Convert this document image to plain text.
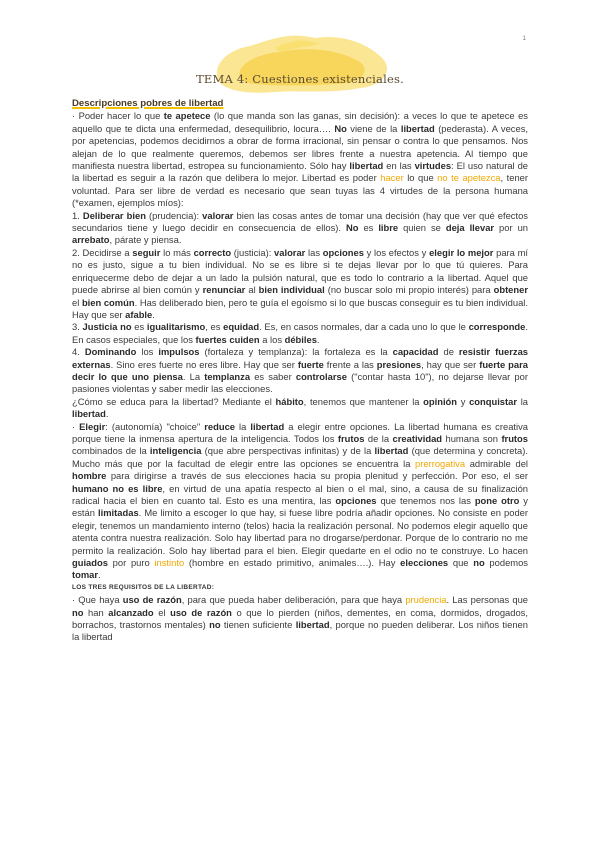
1
TEMA 4: Cuestiones existenciales.

Descripciones pobres de libertad

· Poder hacer lo que te apetece (lo que manda son las ganas, sin decisión): a veces lo que te apetece es aquello que te dicta una enfermedad, desequilibrio, locura…. No viene de la libertad (pederasta). A veces, por apetencias, podemos decidirnos a obrar de forma irracional, sin pensar o contra lo que pensamos. Nos alejan de lo que realmente queremos, debemos ser libres frente a nuestra apetencia. Al tiempo que manifiesta nuestra libertad, estropea su funcionamiento. Sólo hay libertad en las virtudes: El uso natural de la libertad es seguir a la razón que delibera lo mejor. Libertad es poder hacer lo que no te apetezca, tener voluntad. Para ser libre de verdad es necesario que sean tuyas las 4 virtudes de la persona humana (*examen, ejemplos míos):

1. Deliberar bien (prudencia): valorar bien las cosas antes de tomar una decisión (hay que ver qué efectos secundarios tiene y luego decidir en consecuencia de ellos). No es libre quien se deja llevar por un arrebato, párate y piensa.

2. Decidirse a seguir lo más correcto (justicia): valorar las opciones y los efectos y elegir lo mejor para mí no es justo, sigue a tu bien individual. No se es libre si te dejas llevar por lo que tú quieres. Para enriquecerme debo de dejar a un lado la pulsión natural, que es todo lo contrario a la libertad. Aquel que puede abrirse al bien común y renunciar al bien individual (no buscar solo mi propio interés) para obtener el bien común. Has deliberado bien, pero te guía el egoísmo si lo que buscas conseguir es tu bien individual. Hay que ser afable.

3. Justicia no es igualitarismo, es equidad. Es, en casos normales, dar a cada uno lo que le corresponde. En casos especiales, que los fuertes cuiden a los débiles.

4. Dominando los impulsos (fortaleza y templanza): la fortaleza es la capacidad de resistir fuerzas externas. Sino eres fuerte no eres libre. Hay que ser fuerte frente a las presiones, hay que ser fuerte para decir lo que uno piensa. La templanza es saber controlarse ("contar hasta 10"), no dejarse llevar por pasiones violentas y saber medir las elecciones.

¿Cómo se educa para la libertad? Mediante el hábito, tenemos que mantener la opinión y conquistar la libertad.

· Elegir: (autonomía) "choice" reduce la libertad a elegir entre opciones. La libertad humana es creativa porque tiene la inmensa apertura de la inteligencia. Todos los frutos de la creatividad humana son frutos combinados de la inteligencia (que abre perspectivas infinitas) y de la libertad (que determina y concreta). Mucho más que por la facultad de elegir entre las opciones se encuentra la prerrogativa admirable del hombre para dirigirse a través de sus elecciones hacia su propia plenitud y perfección. Por eso, el ser humano no es libre, en virtud de una apatía respecto al bien o el mal, sino, a causa de su finalización radical hacia el bien en cuanto tal. Esto es una mentira, las opciones que tenemos nos las pone otro y están limitadas. Me limito a escoger lo que hay, si fuese libre podría añadir opciones. No consiste en poder elegir, tenemos un mandamiento interno (telos) hacia la realización personal. No podemos elegir aquello que atenta contra nuestra realización. Solo hay libertad para no drogarse/perdonar. Porque de lo contrario no me permito la realización. Solo hay libertad para el bien. Elegir quedarte en el odio no te construye. Lo hacen guiados por puro instinto (hombre en estado primitivo, animales….). Hay elecciones que no podemos tomar.

LOS TRES REQUISITOS DE LA LIBERTAD:

· Que haya uso de razón, para que pueda haber deliberación, para que haya prudencia. Las personas que no han alcanzado el uso de razón o que lo pierden (niños, dementes, en coma, dormidos, drogados, borrachos, trastornos mentales) no tienen suficiente libertad, porque no pueden deliberar. Los niños tienen la libertad
